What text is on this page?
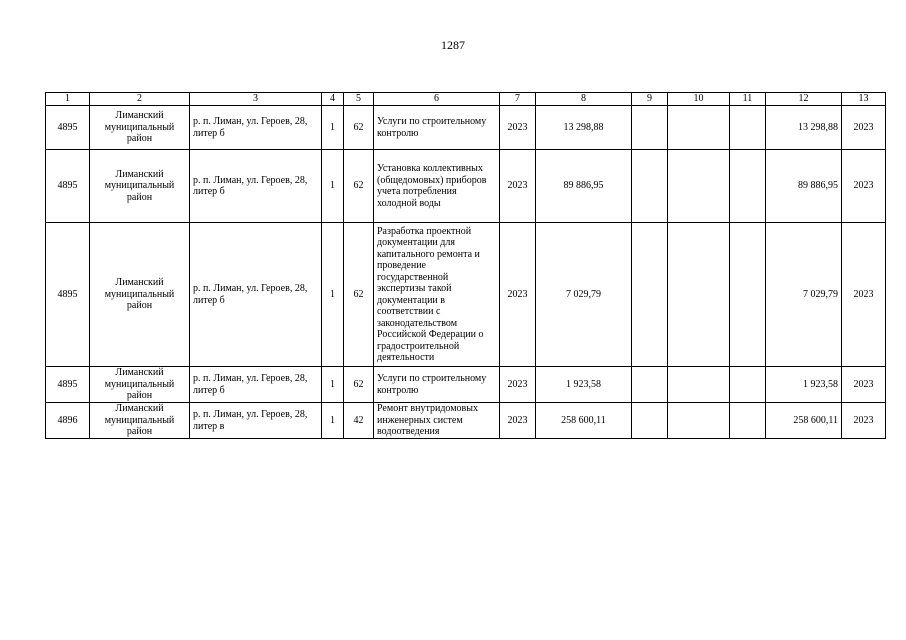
1287
1	2	3	4	5	6	7	8	9	10	11	12	13
4895	Лиманский муниципальный район	р. п. Лиман, ул. Героев, 28, литер б	1	62	Услуги по строительному контролю	2023	13 298,88				13 298,88	2023
4895	Лиманский муниципальный район	р. п. Лиман, ул. Героев, 28, литер б	1	62	Установка коллективных (общедомовых) приборов учета потребления холодной воды	2023	89 886,95				89 886,95	2023
4895	Лиманский муниципальный район	р. п. Лиман, ул. Героев, 28, литер б	1	62	Разработка проектной документации для капитального ремонта и проведение государственной экспертизы такой документации в соответствии с законодательством Российской Федерации о градостроительной деятельности	2023	7 029,79				7 029,79	2023
4895	Лиманский муниципальный район	р. п. Лиман, ул. Героев, 28, литер б	1	62	Услуги по строительному контролю	2023	1 923,58				1 923,58	2023
4896	Лиманский муниципальный район	р. п. Лиман, ул. Героев, 28, литер в	1	42	Ремонт внутридомовых инженерных систем водоотведения	2023	258 600,11				258 600,11	2023
